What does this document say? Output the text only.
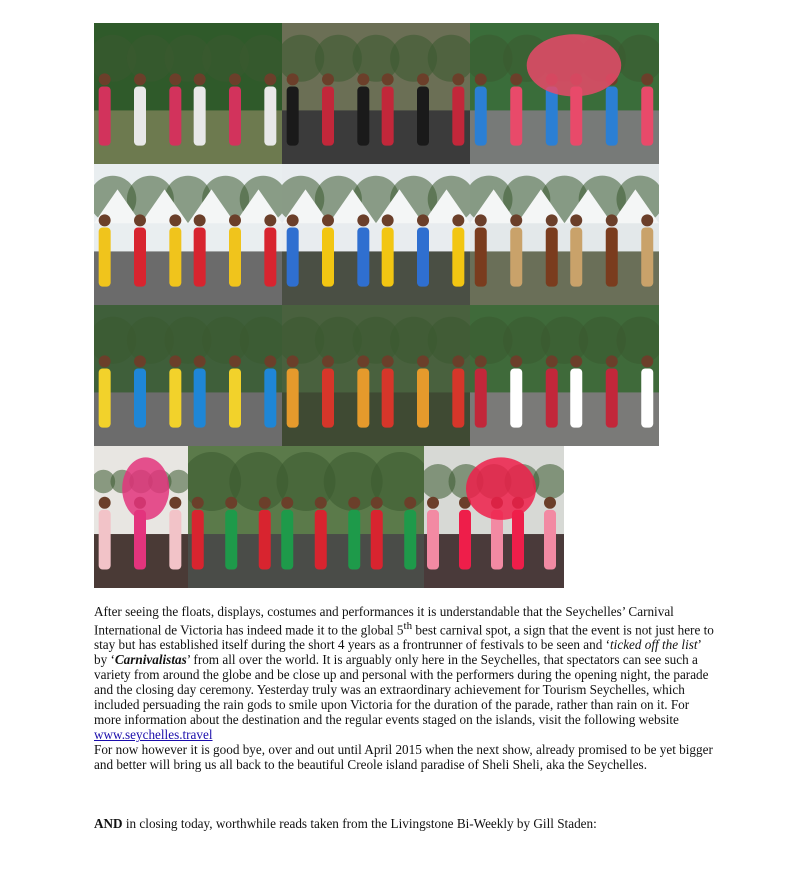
After seeing the floats, displays, costumes and performances it is understandable that the Seychelles’ Carnival International de Victoria has indeed made it to the global 5th best carnival spot, a sign that the event is not just here to stay but has established itself during the short 4 years as a frontrunner of festivals to be seen and ‘ticked off the list’ by ‘Carnivalistas’ from all over the world. It is arguably only here in the Seychelles, that spectators can see such a variety from around the globe and be close up and personal with the performers during the opening night, the parade and the closing day ceremony. Yesterday truly was an extraordinary achievement for Tourism Seychelles, which included persuading the rain gods to smile upon Victoria for the duration of the parade, rather than rain on it. For more information about the destination and the regular events staged on the islands, visit the following website
www.seychelles.travel
For now however it is good bye, over and out until April 2015 when the next show, already promised to be yet bigger and better will bring us all back to the beautiful Creole island paradise of Sheli Sheli, aka the Seychelles.

AND in closing today, worthwhile reads taken from the Livingstone Bi-Weekly by Gill Staden:
